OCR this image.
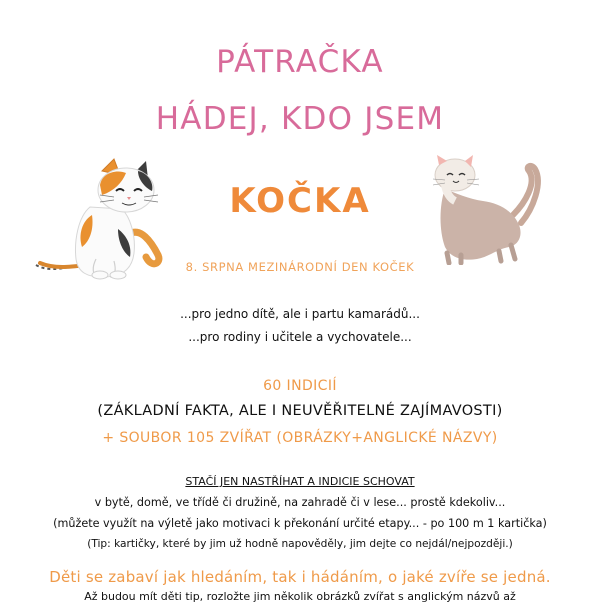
PÁTRAČKA
HÁDEJ, KDO JSEM
KOČKA
8. SRPNA MEZINÁRODNÍ DEN KOČEK
...pro jedno dítě, ale i partu kamarádů...
...pro rodiny i učitele a vychovatele...
60 INDICIÍ
(ZÁKLADNÍ FAKTA, ALE I NEUVĚŘITELNÉ ZAJÍMAVOSTI)
+ SOUBOR 105 ZVÍŘAT (OBRÁZKY+ANGLICKÉ NÁZVY)
STAČÍ JEN NASTŘÍHAT A INDICIE SCHOVAT
v bytě, domě, ve třídě či družině, na zahradě či v lese... prostě kdekoliv...
(můžete využít na výletě jako motivaci k překonání určité etapy... - po 100 m 1 kartička)
(Tip: kartičky, které by jim už hodně napověděly, jim dejte co nejdál/nejpozději.)
Děti se zabaví jak hledáním, tak i hádáním, o jaké zvíře se jedná.
Až budou mít děti tip, rozložte jim několik obrázků zvířat s anglickým názvů až
